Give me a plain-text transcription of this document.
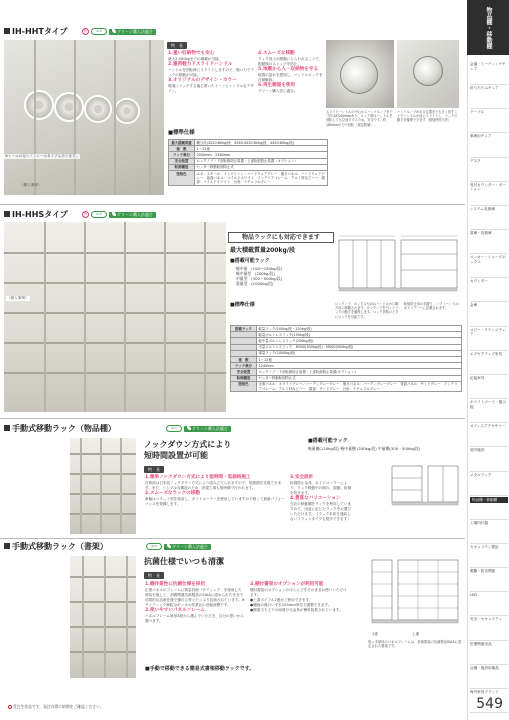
物品棚・移動棚
会議・ミーティングチェア
折りたたみチェア
テーブル
事務用チェア
デスク
受付カウンター・ポーション
システム収納庫
書庫・収納庫
ロッカー・シューズボックス
カウンター
金庫
ロビー・ラウンジチェア
エグゼクティブ家具
応接家具
ホワイトボード・掲示板
オフィスアクセサリー
屋外施設
メタルラック
物品棚・移動棚
工場内什器
セキュリティ製品
避難・防災関連
LED
安全・セキュリティ
医療関連用品
店舗・施設用備品
海外家具ブランド
IH-HHTタイプ	特	エコ	グリーン購入法適合
（納入事例）
※レールのないノンレールタイプもあります。
特　長
1.重い収納物でも安心
最大2,000kgまでの積載が可能。
2.重荷軽力ドスライドハンドル
ハンドルを回転時にスライドしますので、軽い力でラックの移動が可能。
3.オリジナルのデザイン・カラー
環境にマッチする落ち着いたトーンとシンプルなデザイン。
4.スムーズな移動
ラック同士の間隔にとらわれることで、振動後のストップを防止。
5.地震から人・収納物を守る
地震の揺れを感知し、ハンドルロックを自動解除。
6.再生樹脂を使用
グリーン購入法に適合。
スライドハンドルの中心からハンドルノブまで寸法は約200mmあり、ロック時はハンドルを回転しても空回りするため、安全です。約180mmの力で回転（規定数値）
ハンドルノブがある位置まで大きく回すことでハンドルが前にスライドし、ラックの動きを確保できます（推奨使用方法）
■標準仕様
最大積載荷重	棚当所(3220:80kg/段　4260:4320:80kg/段　4420:80kg/段)
連　数	1〜12連
ラック奥行	2000mm　2360mm
安全装置	ロックノブ・下部転倒防止装置・上部転倒防止装置（オプション）
転倒構造	センター移動転倒防止式
塗装色	ユポ・スチール：イングリーン・ハードウェアグレー　後ろパネル：ハードウェアグレー　前面パネル：マイルドホワイト　インテリアゴレーム　アルミ材などバー　端部：マイルドホワイト　台形：ナチュラルグレー
IH-HHSタイプ	特	エコ	グリーン購入法適合
（納入事例）
物品ラックにも対応できます
最大積載質量200kg/段
■搭載可能ラック
軽中量　(100〜150kg/段)
軽中量型　(200kg/段)
中量型　(300・500kg/段)
重量型　(1000kg/段)
ロックノブ、ボックスやはねハンドルから脚方向に移動されます。ロックノブを引くとラックの動きを確保します。ロック状態のときにロックを可能です。
転倒防止用の手摺り、ノブ（ハンドル）がドリアバーに記載されます。
■標準仕様
搭載ラック	軽量ラック(100kg/段・120kg/段)
	軽量ボルトレスラック(150kg/段)
	軽中量ボルトレスラック(200kg/段)
	中量ボルトレスラック　M300(300kg/段)　M500(500kg/段)
	重量ラック(1000kg/段)
連　数	1〜12連
ラック奥行	2240mm
安全装置	ロックノブ・下部転倒防止装置・上部転倒防止装置(オプション)
転倒構造	センター移動転倒防止式
塗装色	正面パネル：ホワイトグレー／ハーディグレーグレー　後ろパネル：ハーディグレーグレー　背面パネル：サンドグレー　インテリアゴレーム：アルミ材などバー　端部：サンドグレー　台形：ナチュラルグレー
手動式移動ラック（物品棚）	エコ	グリーン購入法適合
ノックダウン方式により
短時間設置が可能
特　長
1.簡単ノックダウン方式により短時間・低価格施工
台枠部は日本初ノックダウン方式により組み立てられますので、短納期を実現できます。また、シンプルな構造のため、設置工事も短時間で行われます。
2.スムーズなラックの移動
車輪はコラット型を採用し、ガイドローラーを使用していますので軽くて最新パフォーマンスを発揮します。
3.安全設計
転倒防止金具、ガイドローラーにより、ラック移動中の倒れ、振動、転倒を防ぎます。
4.豊富なバリエーション
当社の移動棚をラックを利用していますので、用途に応じたラックをお選びいただけます。（ラック本体を連結しないフラットタイプも製作できます）
■搭載可能ラック
軽量棚(120kg/段) 軽中量棚 (200kg/段) 中量棚(300・500kg/段)
手動式移動ラック（書架）	エコ	グリーン購入法適合
抗菌仕様でいつも清潔
特　長
1.棚作業性に抗菌仕様を採用
正面パネルのフレームに微量抗菌「サティック」を採用した塗装を施して、消費関連抗菌製品のSIAAに認められた安全で効果的な抗菌仕様で優れる等々たっぷり抗菌されています。※サミティック病院はギンカル産業社の登録商標です。
2.使いやすいパネルフレーム
パネルフレーム斜形3段から選んでいただき、自分の思いから選べます。
3.棚付書架のオプションが利用可能
棚付書架のオプションのほとんどをそのままお使いいただけます。
●上書ボイフル2連がご使用できます。
●棚板の奥行いずれ225mm単位で調整できます。
●剛面当り上下の両面分当金具が簡単装着されています。
■手動で移動できる簡易式書架移動ラックです。
1連	上連
取っ手単体のパネルフレームは、抗菌塗装の抗菌製品SIAAに認定された書架です。
受注生産品です。発注の際に納期をご確認ください。	549
